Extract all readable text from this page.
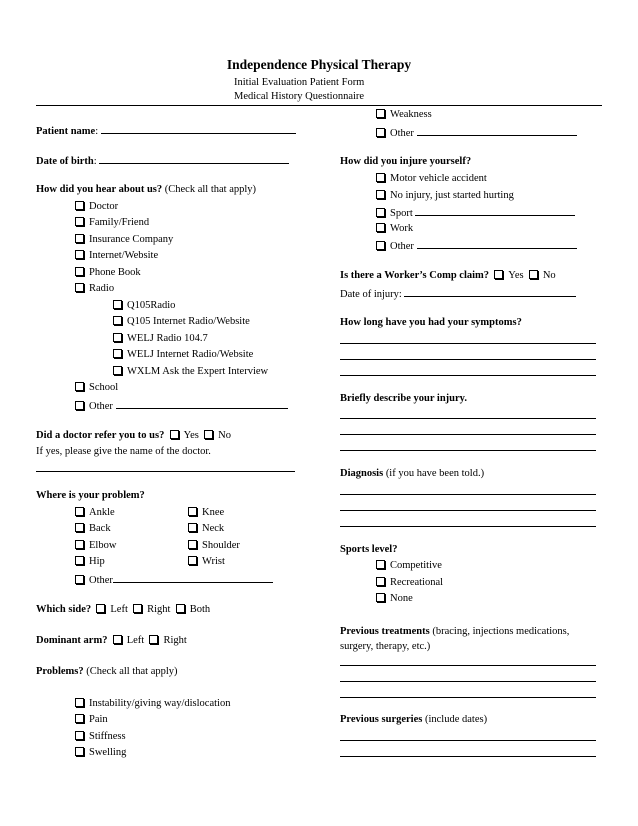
Independence Physical Therapy
Initial Evaluation Patient Form
Medical History Questionnaire
Patient name:
Date of birth:
How did you hear about us? (Check all that apply)
Doctor
Family/Friend
Insurance Company
Internet/Website
Phone Book
Radio
Q105Radio
Q105 Internet Radio/Website
WELJ Radio 104.7
WELJ Internet Radio/Website
WXLM Ask the Expert Interview
School
Other
Did a doctor refer you to us? Yes No
If yes, please give the name of the doctor.
Where is your problem?
Ankle
Back
Elbow
Hip
Knee
Neck
Shoulder
Wrist
Other
Which side? Left Right Both
Dominant arm? Left Right
Problems? (Check all that apply)
Instability/giving way/dislocation
Pain
Stiffness
Swelling
Weakness
Other
How did you injure yourself?
Motor vehicle accident
No injury, just started hurting
Sport
Work
Other
Is there a Worker’s Comp claim? Yes No
Date of injury:
How long have you had your symptoms?
Briefly describe your injury.
Diagnosis (if you have been told.)
Sports level?
Competitive
Recreational
None
Previous treatments (bracing, injections medications,
surgery, therapy, etc.)
Previous surgeries (include dates)
